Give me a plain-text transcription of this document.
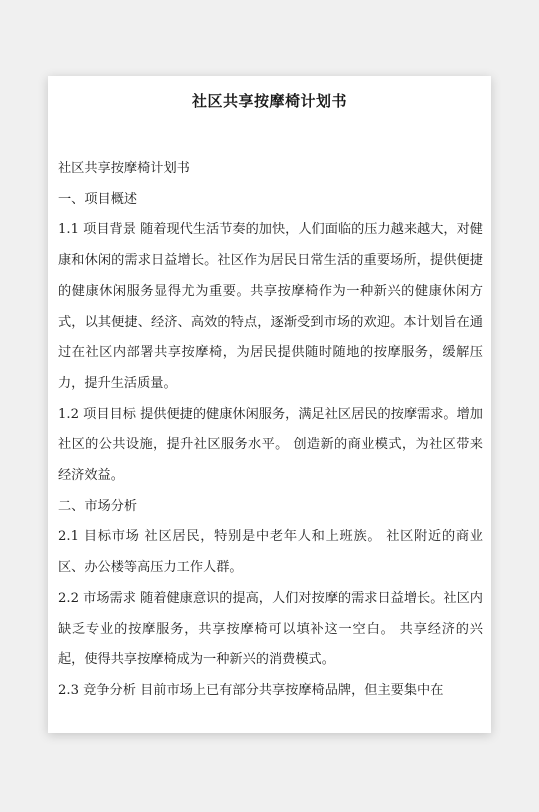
社区共享按摩椅计划书

社区共享按摩椅计划书

一、项目概述

1.1 项目背景 随着现代生活节奏的加快，人们面临的压力越来越大，对健康和休闲的需求日益增长。社区作为居民日常生活的重要场所，提供便捷的健康休闲服务显得尤为重要。共享按摩椅作为一种新兴的健康休闲方式，以其便捷、经济、高效的特点，逐渐受到市场的欢迎。本计划旨在通过在社区内部署共享按摩椅，为居民提供随时随地的按摩服务，缓解压力，提升生活质量。

1.2 项目目标 提供便捷的健康休闲服务，满足社区居民的按摩需求。增加社区的公共设施，提升社区服务水平。 创造新的商业模式，为社区带来经济效益。

二、市场分析

2.1 目标市场 社区居民，特别是中老年人和上班族。 社区附近的商业区、办公楼等高压力工作人群。

2.2 市场需求 随着健康意识的提高，人们对按摩的需求日益增长。社区内缺乏专业的按摩服务，共享按摩椅可以填补这一空白。 共享经济的兴起，使得共享按摩椅成为一种新兴的消费模式。

2.3 竞争分析 目前市场上已有部分共享按摩椅品牌，但主要集中在
